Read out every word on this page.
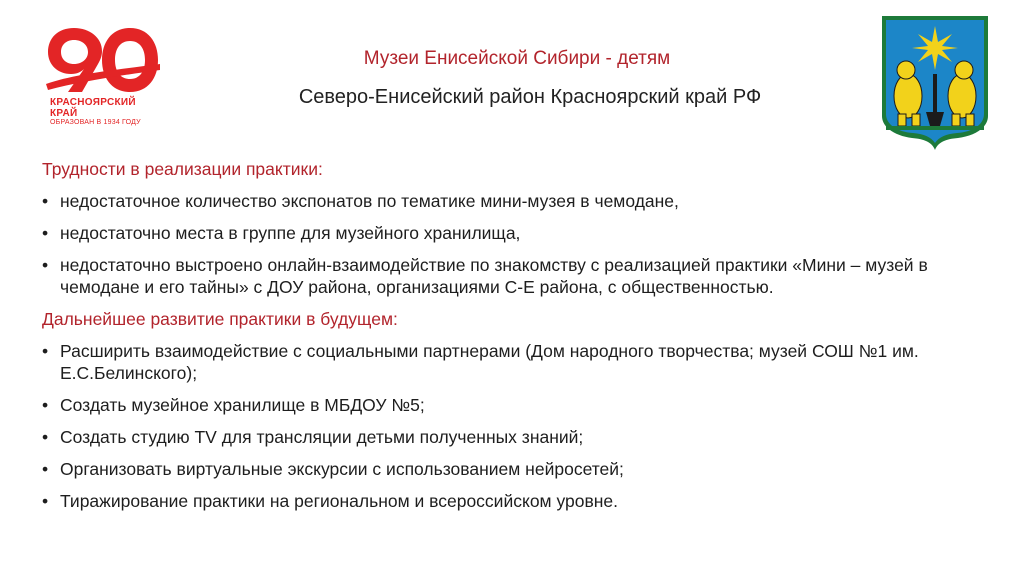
КРАСНОЯРСКИЙ
КРАЙ
ОБРАЗОВАН В 1934 ГОДУ
Музеи Енисейской Сибири - детям
Северо-Енисейский район Красноярский край РФ
Трудности в реализации практики:
• недостаточное количество экспонатов по тематике мини-музея в чемодане,
• недостаточно места в группе для музейного хранилища,
• недостаточно выстроено онлайн-взаимодействие по знакомству с реализацией практики «Мини – музей в чемодане и его тайны» с ДОУ района, организациями С-Е района, с общественностью.
Дальнейшее развитие практики в будущем:
• Расширить взаимодействие с социальными партнерами (Дом народного творчества; музей СОШ №1 им. Е.С.Белинского);
• Создать музейное хранилище в МБДОУ №5;
• Создать студию TV для трансляции детьми полученных знаний;
• Организовать виртуальные экскурсии с использованием нейросетей;
• Тиражирование практики на региональном и всероссийском уровне.
